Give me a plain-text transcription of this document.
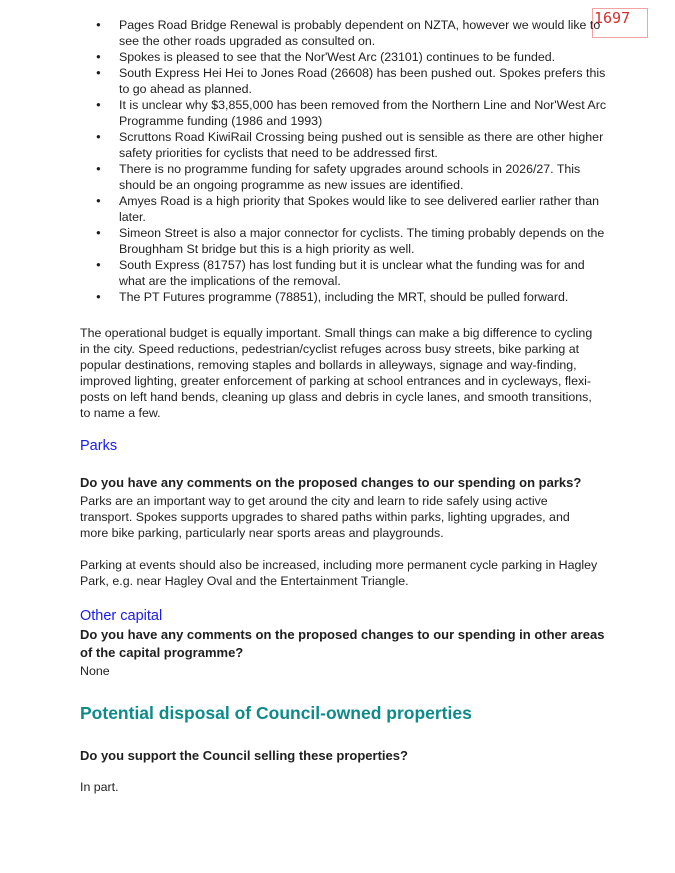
1697
● Pages Road Bridge Renewal is probably dependent on NZTA, however we would like to see the other roads upgraded as consulted on.
● Spokes is pleased to see that the Nor'West Arc (23101) continues to be funded.
● South Express Hei Hei to Jones Road (26608) has been pushed out. Spokes prefers this to go ahead as planned.
● It is unclear why $3,855,000 has been removed from the Northern Line and Nor'West Arc Programme funding (1986 and 1993)
● Scruttons Road KiwiRail Crossing being pushed out is sensible as there are other higher safety priorities for cyclists that need to be addressed first.
● There is no programme funding for safety upgrades around schools in 2026/27. This should be an ongoing programme as new issues are identified.
● Amyes Road is a high priority that Spokes would like to see delivered earlier rather than later.
● Simeon Street is also a major connector for cyclists. The timing probably depends on the Broughham St bridge but this is a high priority as well.
● South Express (81757) has lost funding but it is unclear what the funding was for and what are the implications of the removal.
● The PT Futures programme (78851), including the MRT, should be pulled forward.

The operational budget is equally important. Small things can make a big difference to cycling in the city. Speed reductions, pedestrian/cyclist refuges across busy streets, bike parking at popular destinations, removing staples and bollards in alleyways, signage and way-finding, improved lighting, greater enforcement of parking at school entrances and in cycleways, flexi-posts on left hand bends, cleaning up glass and debris in cycle lanes, and smooth transitions, to name a few.

Parks

Do you have any comments on the proposed changes to our spending on parks?

Parks are an important way to get around the city and learn to ride safely using active transport. Spokes supports upgrades to shared paths within parks, lighting upgrades, and more bike parking, particularly near sports areas and playgrounds.

Parking at events should also be increased, including more permanent cycle parking in Hagley Park, e.g. near Hagley Oval and the Entertainment Triangle.

Other capital

Do you have any comments on the proposed changes to our spending in other areas of the capital programme?

None

Potential disposal of Council-owned properties

Do you support the Council selling these properties?

In part.
